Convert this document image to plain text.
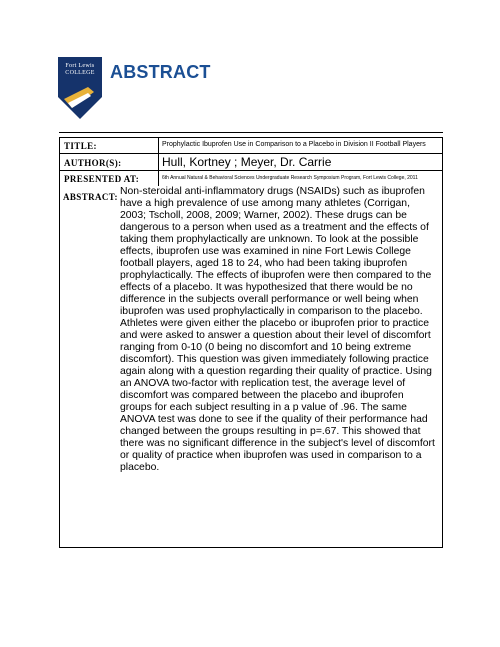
Fort Lewis
COLLEGE ABSTRACT
TITLE:	Prophylactic Ibuprofen Use in Comparison to a Placebo in Division II Football Players
AUTHOR(S):	Hull, Kortney ; Meyer, Dr. Carrie
PRESENTED AT:	6th Annual Natural & Behavioral Sciences Undergraduate Research Symposium Program, Fort Lewis College, 2011
ABSTRACT: Non-steroidal anti-inflammatory drugs (NSAIDs) such as ibuprofen have a high prevalence of use among many athletes (Corrigan, 2003; Tscholl, 2008, 2009; Warner, 2002). These drugs can be dangerous to a person when used as a treatment and the effects of taking them prophylactically are unknown. To look at the possible effects, ibuprofen use was examined in nine Fort Lewis College football players, aged 18 to 24, who had been taking ibuprofen prophylactically. The effects of ibuprofen were then compared to the effects of a placebo. It was hypothesized that there would be no difference in the subjects overall performance or well being when ibuprofen was used prophylactically in comparison to the placebo. Athletes were given either the placebo or ibuprofen prior to practice and were asked to answer a question about their level of discomfort ranging from 0-10 (0 being no discomfort and 10 being extreme discomfort). This question was given immediately following practice again along with a question regarding their quality of practice. Using an ANOVA two-factor with replication test, the average level of discomfort was compared between the placebo and ibuprofen groups for each subject resulting in a p value of .96. The same ANOVA test was done to see if the quality of their performance had changed between the groups resulting in p=.67. This showed that there was no significant difference in the subject's level of discomfort or quality of practice when ibuprofen was used in comparison to a placebo.
